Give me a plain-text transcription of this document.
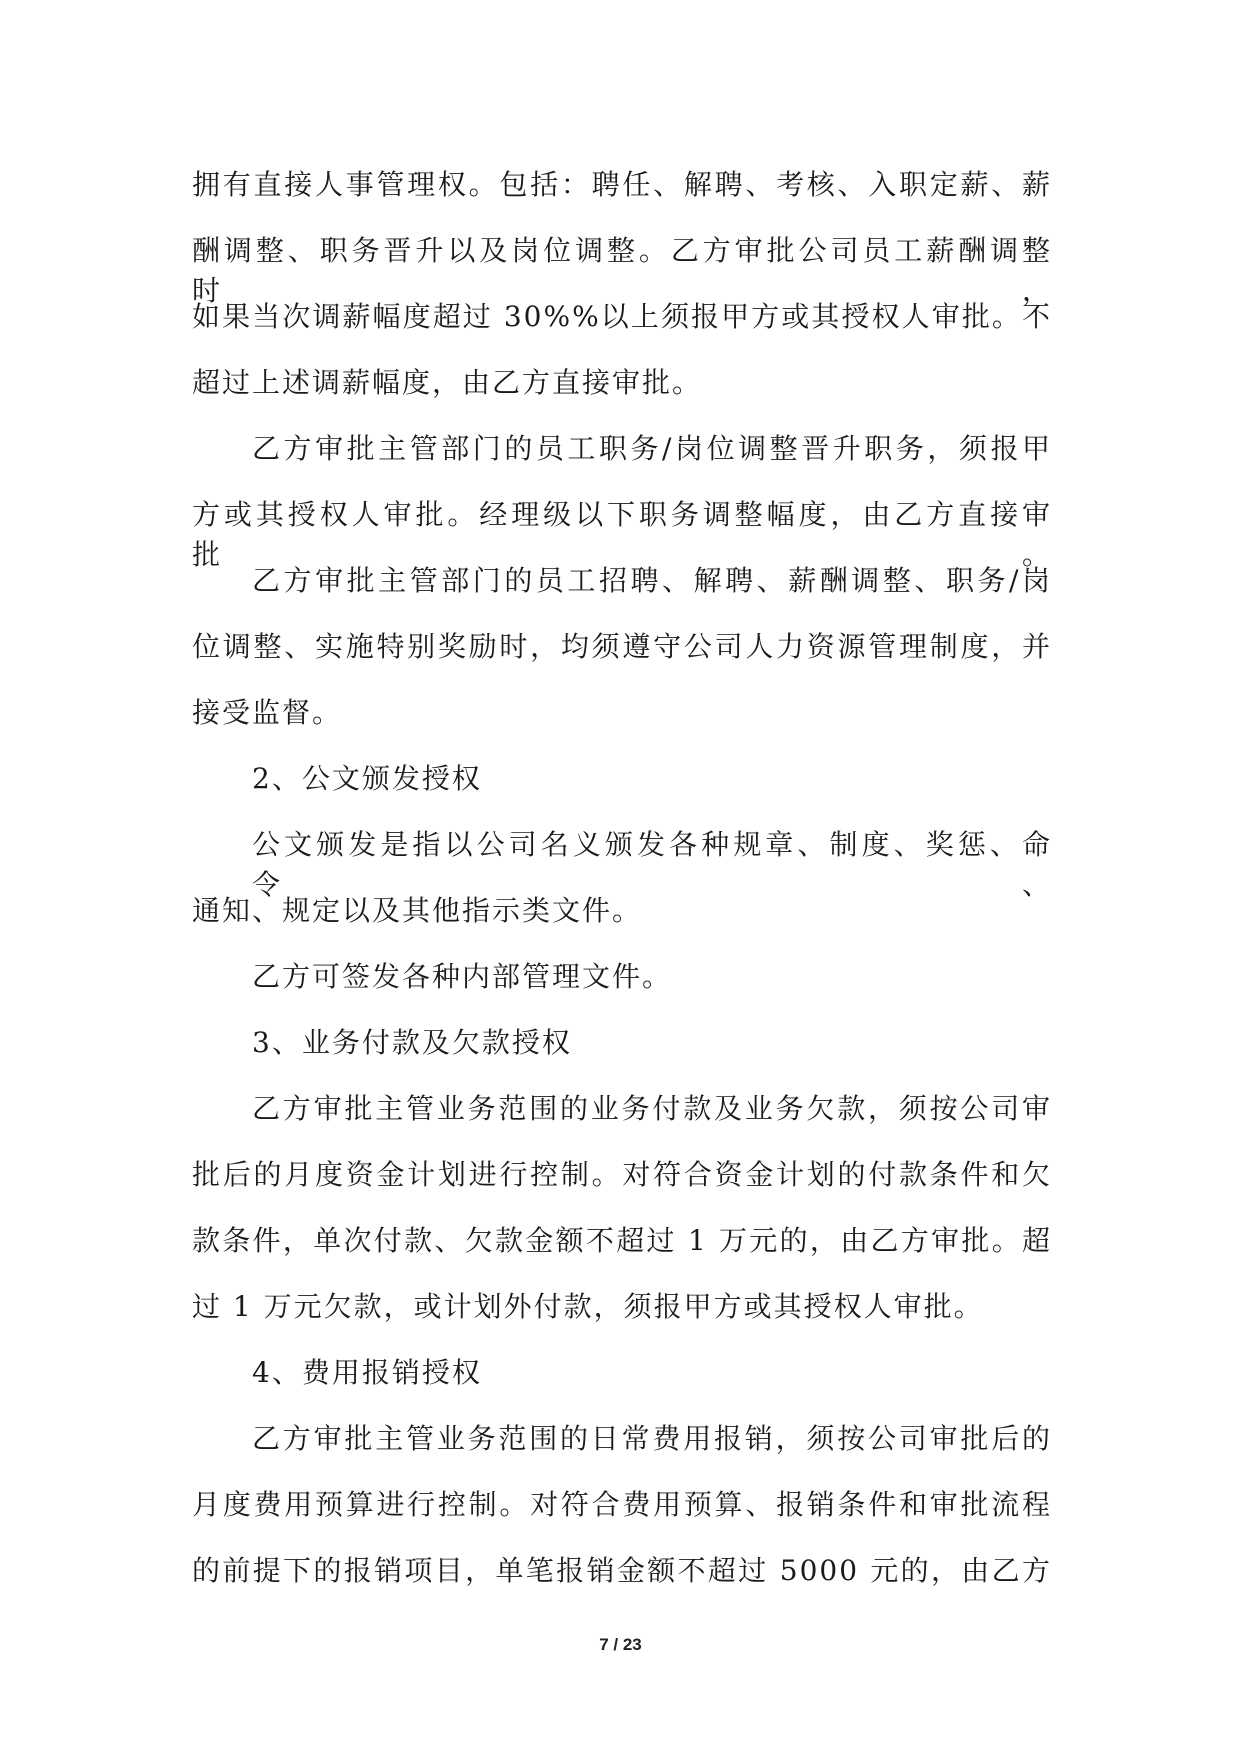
拥有直接人事管理权。包括：聘任、解聘、考核、入职定薪、薪
酬调整、职务晋升以及岗位调整。乙方审批公司员工薪酬调整时，
如果当次调薪幅度超过 30%%以上须报甲方或其授权人审批。不
超过上述调薪幅度，由乙方直接审批。
乙方审批主管部门的员工职务/岗位调整晋升职务，须报甲
方或其授权人审批。经理级以下职务调整幅度，由乙方直接审批。
乙方审批主管部门的员工招聘、解聘、薪酬调整、职务/岗
位调整、实施特别奖励时，均须遵守公司人力资源管理制度，并
接受监督。
2、公文颁发授权
公文颁发是指以公司名义颁发各种规章、制度、奖惩、命令、
通知、规定以及其他指示类文件。
乙方可签发各种内部管理文件。
3、业务付款及欠款授权
乙方审批主管业务范围的业务付款及业务欠款，须按公司审
批后的月度资金计划进行控制。对符合资金计划的付款条件和欠
款条件，单次付款、欠款金额不超过 1 万元的，由乙方审批。超
过 1 万元欠款，或计划外付款，须报甲方或其授权人审批。
4、费用报销授权
乙方审批主管业务范围的日常费用报销，须按公司审批后的
月度费用预算进行控制。对符合费用预算、报销条件和审批流程
的前提下的报销项目，单笔报销金额不超过 5000 元的，由乙方
7 / 23
